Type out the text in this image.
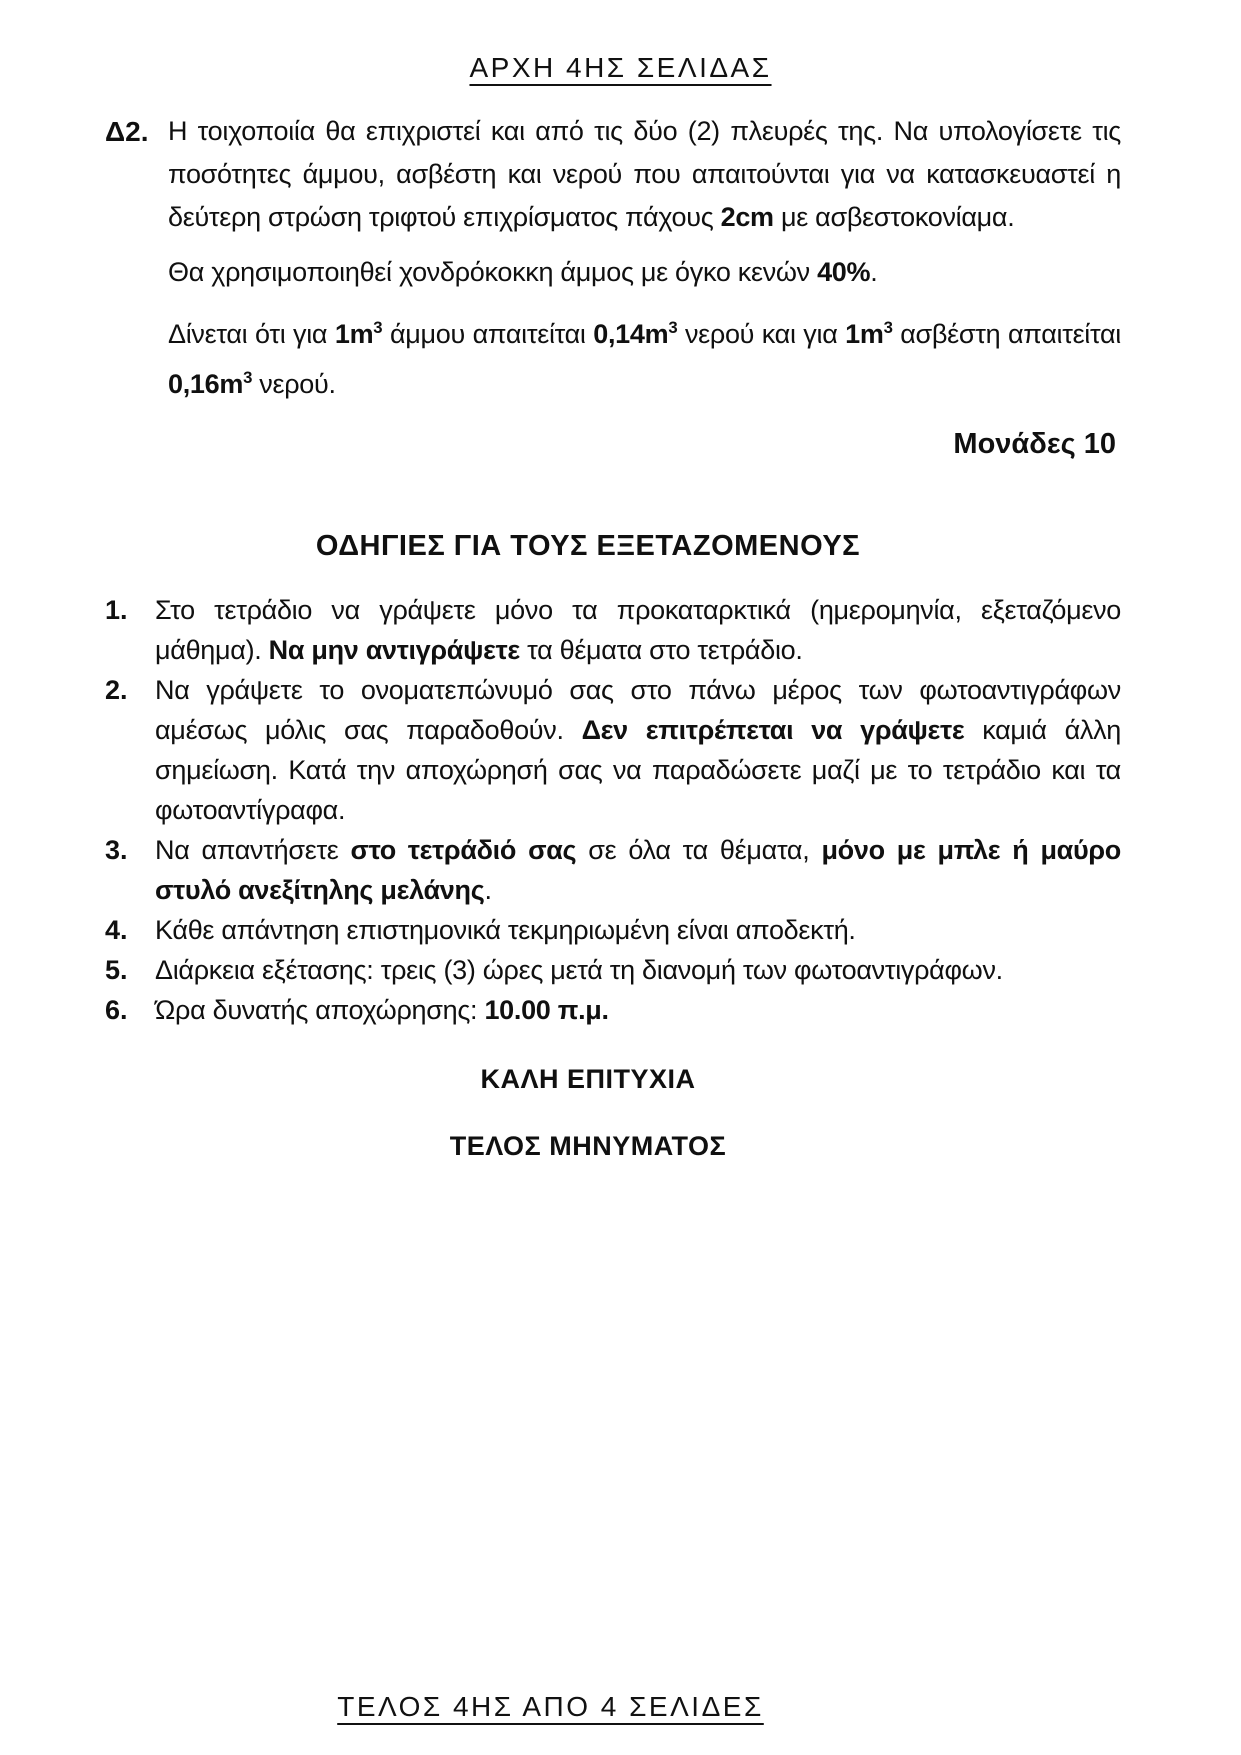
ΑΡΧΗ 4ΗΣ ΣΕΛΙΔΑΣ
Δ2. Η τοιχοποιία θα επιχριστεί και από τις δύο (2) πλευρές της. Να υπολογίσετε τις ποσότητες άμμου, ασβέστη και νερού που απαιτούνται για να κατασκευαστεί η δεύτερη στρώση τριφτού επιχρίσματος πάχους 2cm με ασβεστοκονίαμα.

Θα χρησιμοποιηθεί χονδρόκοκκη άμμος με όγκο κενών 40%.

Δίνεται ότι για $1m^3$ άμμου απαιτείται $0,14m^3$ νερού και για $1m^3$ ασβέστη απαιτείται $0,16m^3$ νερού.

Μονάδες 10
ΟΔΗΓΙΕΣ ΓΙΑ ΤΟΥΣ ΕΞΕΤΑΖΟΜΕΝΟΥΣ
1.	Στο τετράδιο να γράψετε μόνο τα προκαταρκτικά (ημερομηνία, εξεταζόμενο μάθημα). Να μην αντιγράψετε τα θέματα στο τετράδιο.
2.	Να γράψετε το ονοματεπώνυμό σας στο πάνω μέρος των φωτοαντιγράφων αμέσως μόλις σας παραδοθούν. Δεν επιτρέπεται να γράψετε καμιά άλλη σημείωση. Κατά την αποχώρησή σας να παραδώσετε μαζί με το τετράδιο και τα φωτοαντίγραφα.
3.	Να απαντήσετε στο τετράδιό σας σε όλα τα θέματα, μόνο με μπλε ή μαύρο στυλό ανεξίτηλης μελάνης.
4.	Κάθε απάντηση επιστημονικά τεκμηριωμένη είναι αποδεκτή.
5.	Διάρκεια εξέτασης: τρεις (3) ώρες μετά τη διανομή των φωτοαντιγράφων.
6.	Ώρα δυνατής αποχώρησης: 10.00 π.μ.
ΚΑΛΗ ΕΠΙΤΥΧΙΑ
ΤΕΛΟΣ ΜΗΝΥΜΑΤΟΣ
ΤΕΛΟΣ 4ΗΣ ΑΠΟ 4 ΣΕΛΙΔΕΣ
